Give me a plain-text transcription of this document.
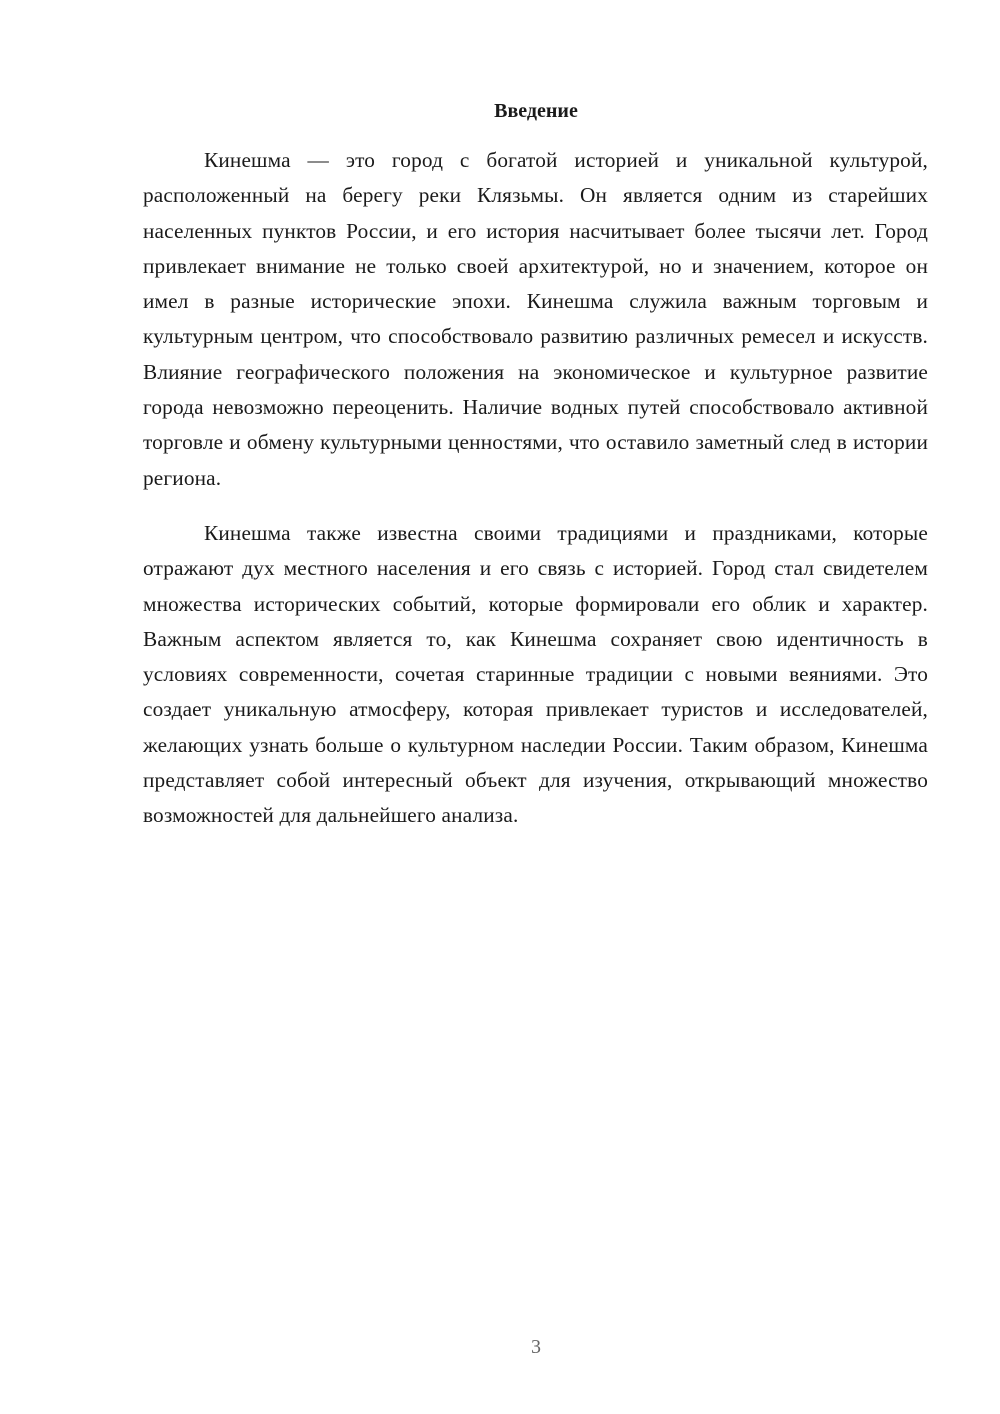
Введение

Кинешма — это город с богатой историей и уникальной культурой, расположенный на берегу реки Клязьмы. Он является одним из старейших населенных пунктов России, и его история насчитывает более тысячи лет. Город привлекает внимание не только своей архитектурой, но и значением, которое он имел в разные исторические эпохи. Кинешма служила важным торговым и культурным центром, что способствовало развитию различных ремесел и искусств. Влияние географического положения на экономическое и культурное развитие города невозможно переоценить. Наличие водных путей способствовало активной торговле и обмену культурными ценностями, что оставило заметный след в истории региона.

Кинешма также известна своими традициями и праздниками, которые отражают дух местного населения и его связь с историей. Город стал свидетелем множества исторических событий, которые формировали его облик и характер. Важным аспектом является то, как Кинешма сохраняет свою идентичность в условиях современности, сочетая старинные традиции с новыми веяниями. Это создает уникальную атмосферу, которая привлекает туристов и исследователей, желающих узнать больше о культурном наследии России. Таким образом, Кинешма представляет собой интересный объект для изучения, открывающий множество возможностей для дальнейшего анализа.

3
